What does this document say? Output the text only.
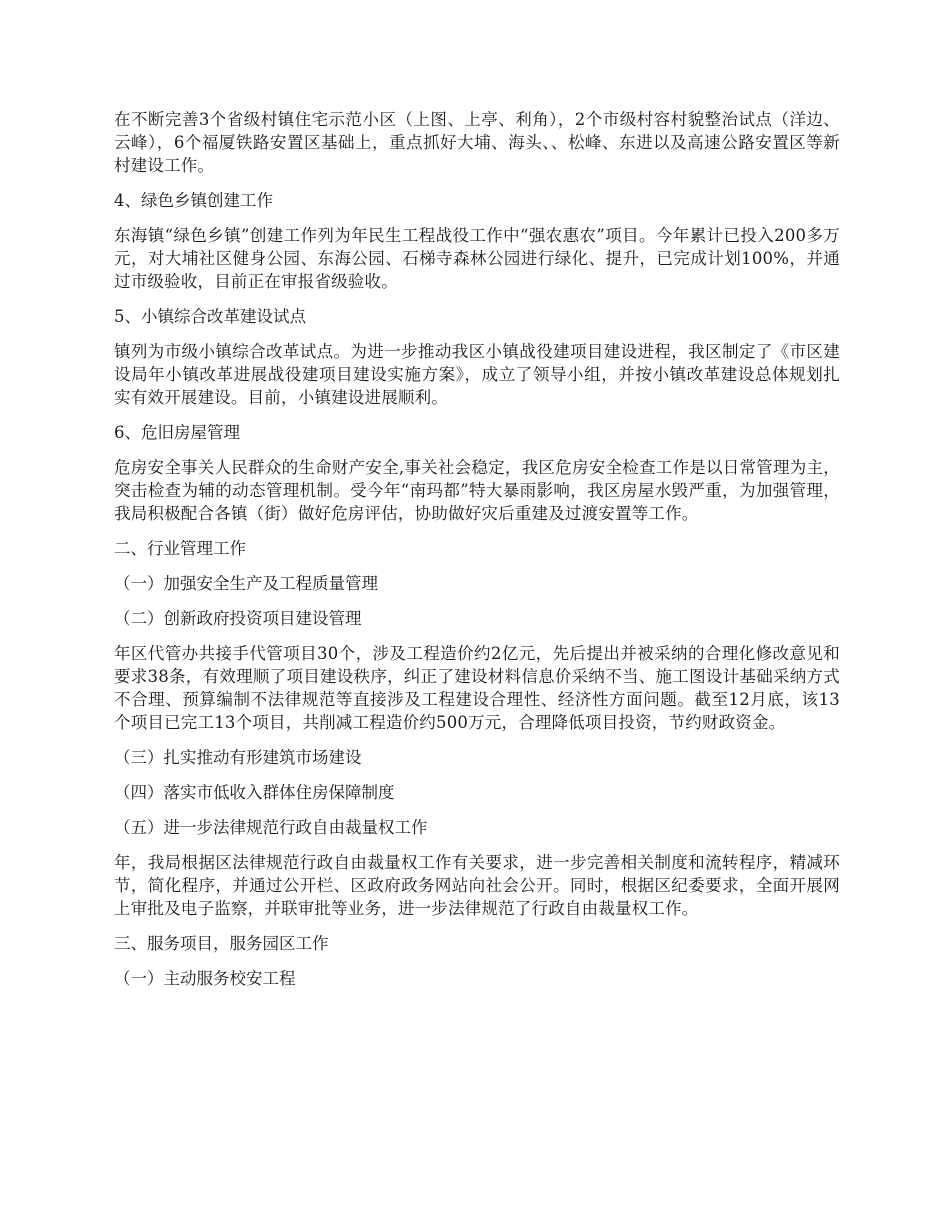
在不断完善3个省级村镇住宅示范小区（上图、上亭、利角），2个市级村容村貌整治试点（洋边、云峰），6个福厦铁路安置区基础上，重点抓好大埔、海头、、松峰、东进以及高速公路安置区等新村建设工作。

4、绿色乡镇创建工作

东海镇“绿色乡镇”创建工作列为年民生工程战役工作中“强农惠农”项目。今年累计已投入200多万元，对大埔社区健身公园、东海公园、石梯寺森林公园进行绿化、提升，已完成计划100%，并通过市级验收，目前正在审报省级验收。

5、小镇综合改革建设试点

镇列为市级小镇综合改革试点。为进一步推动我区小镇战役建项目建设进程，我区制定了《市区建设局年小镇改革进展战役建项目建设实施方案》，成立了领导小组，并按小镇改革建设总体规划扎实有效开展建设。目前，小镇建设进展顺利。

6、危旧房屋管理

危房安全事关人民群众的生命财产安全,事关社会稳定，我区危房安全检查工作是以日常管理为主，突击检查为辅的动态管理机制。受今年“南玛都”特大暴雨影响，我区房屋水毁严重，为加强管理，我局积极配合各镇（街）做好危房评估，协助做好灾后重建及过渡安置等工作。

二、行业管理工作

（一）加强安全生产及工程质量管理

（二）创新政府投资项目建设管理

年区代管办共接手代管项目30个，涉及工程造价约2亿元，先后提出并被采纳的合理化修改意见和要求38条，有效理顺了项目建设秩序，纠正了建设材料信息价采纳不当、施工图设计基础采纳方式不合理、预算编制不法律规范等直接涉及工程建设合理性、经济性方面问题。截至12月底，该13个项目已完工13个项目，共削减工程造价约500万元，合理降低项目投资，节约财政资金。

（三）扎实推动有形建筑市场建设

（四）落实市低收入群体住房保障制度

（五）进一步法律规范行政自由裁量权工作

年，我局根据区法律规范行政自由裁量权工作有关要求，进一步完善相关制度和流转程序，精减环节，简化程序，并通过公开栏、区政府政务网站向社会公开。同时，根据区纪委要求，全面开展网上审批及电子监察，并联审批等业务，进一步法律规范了行政自由裁量权工作。

三、服务项目，服务园区工作

（一）主动服务校安工程
